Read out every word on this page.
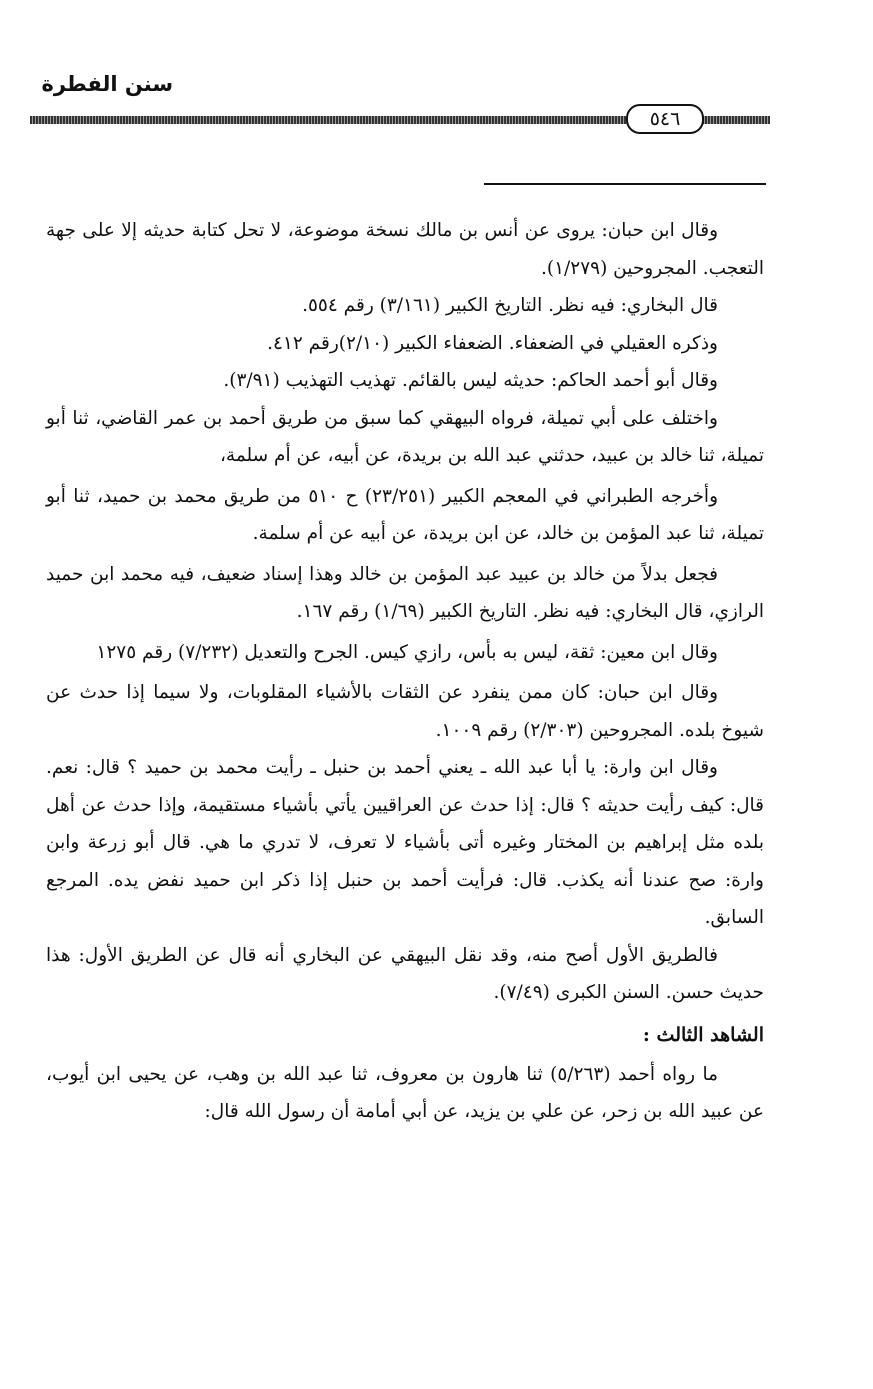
سنن الفطرة
٥٤٦

وقال ابن حبان: يروى عن أنس بن مالك نسخة موضوعة، لا تحل كتابة حديثه إلا على جهة التعجب. المجروحين (١/٢٧٩).

قال البخاري: فيه نظر. التاريخ الكبير (٣/١٦١) رقم ٥٥٤.

وذكره العقيلي في الضعفاء. الضعفاء الكبير (٢/١٠)رقم ٤١٢.

وقال أبو أحمد الحاكم: حديثه ليس بالقائم. تهذيب التهذيب (٣/٩١).

واختلف على أبي تميلة، فرواه البيهقي كما سبق من طريق أحمد بن عمر القاضي، ثنا أبو تميلة، ثنا خالد بن عبيد، حدثني عبد الله بن بريدة، عن أبيه، عن أم سلمة،

وأخرجه الطبراني في المعجم الكبير (٢٣/٢٥١) ح ٥١٠ من طريق محمد بن حميد، ثنا أبو تميلة، ثنا عبد المؤمن بن خالد، عن ابن بريدة، عن أبيه عن أم سلمة.

فجعل بدلاً من خالد بن عبيد عبد المؤمن بن خالد وهذا إسناد ضعيف، فيه محمد ابن حميد الرازي، قال البخاري: فيه نظر. التاريخ الكبير (١/٦٩) رقم ١٦٧.

وقال ابن معين: ثقة، ليس به بأس، رازي كيس. الجرح والتعديل (٧/٢٣٢) رقم ١٢٧٥

وقال ابن حبان: كان ممن ينفرد عن الثقات بالأشياء المقلوبات، ولا سيما إذا حدث عن شيوخ بلده. المجروحين (٢/٣٠٣) رقم ١٠٠٩.

وقال ابن وارة: يا أبا عبد الله ـ يعني أحمد بن حنبل ـ رأيت محمد بن حميد ؟ قال: نعم. قال: كيف رأيت حديثه ؟ قال: إذا حدث عن العراقيين يأتي بأشياء مستقيمة، وإذا حدث عن أهل بلده مثل إبراهيم بن المختار وغيره أتى بأشياء لا تعرف، لا تدري ما هي. قال أبو زرعة وابن وارة: صح عندنا أنه يكذب. قال: فرأيت أحمد بن حنبل إذا ذكر ابن حميد نفض يده. المرجع السابق.

فالطريق الأول أصح منه، وقد نقل البيهقي عن البخاري أنه قال عن الطريق الأول: هذا حديث حسن. السنن الكبرى (٧/٤٩).

الشاهد الثالث :

ما رواه أحمد (٥/٢٦٣) ثنا هارون بن معروف، ثنا عبد الله بن وهب، عن يحيى ابن أيوب، عن عبيد الله بن زحر، عن علي بن يزيد، عن أبي أمامة أن رسول الله قال:
